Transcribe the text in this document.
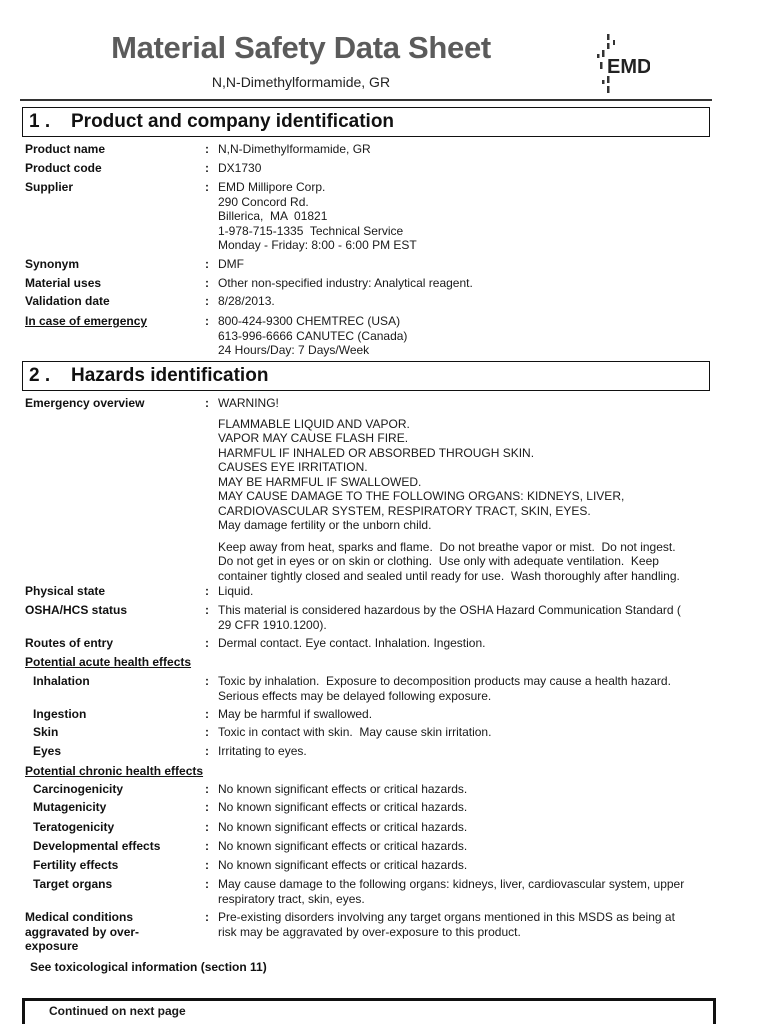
Material Safety Data Sheet
N,N-Dimethylformamide, GR
EMD
1 . Product and company identification
Product name	: N,N-Dimethylformamide, GR
Product code	: DX1730
Supplier	: EMD Millipore Corp.
290 Concord Rd.
Billerica,  MA  01821
1-978-715-1335  Technical Service
Monday - Friday: 8:00 - 6:00 PM EST
Synonym	: DMF
Material uses	: Other non-specified industry: Analytical reagent.
Validation date	: 8/28/2013.
In case of emergency	: 800-424-9300 CHEMTREC (USA)
613-996-6666 CANUTEC (Canada)
24 Hours/Day: 7 Days/Week
2 . Hazards identification
Emergency overview	: WARNING!
FLAMMABLE LIQUID AND VAPOR.
VAPOR MAY CAUSE FLASH FIRE.
HARMFUL IF INHALED OR ABSORBED THROUGH SKIN.
CAUSES EYE IRRITATION.
MAY BE HARMFUL IF SWALLOWED.
MAY CAUSE DAMAGE TO THE FOLLOWING ORGANS: KIDNEYS, LIVER,
CARDIOVASCULAR SYSTEM, RESPIRATORY TRACT, SKIN, EYES.
May damage fertility or the unborn child.
Keep away from heat, sparks and flame.  Do not breathe vapor or mist.  Do not ingest.
Do not get in eyes or on skin or clothing.  Use only with adequate ventilation.  Keep
container tightly closed and sealed until ready for use.  Wash thoroughly after handling.
Physical state	: Liquid.
OSHA/HCS status	: This material is considered hazardous by the OSHA Hazard Communication Standard (
29 CFR 1910.1200).
Routes of entry	: Dermal contact. Eye contact. Inhalation. Ingestion.
Potential acute health effects
Inhalation	: Toxic by inhalation.  Exposure to decomposition products may cause a health hazard.
Serious effects may be delayed following exposure.
Ingestion	: May be harmful if swallowed.
Skin	: Toxic in contact with skin.  May cause skin irritation.
Eyes	: Irritating to eyes.
Potential chronic health effects
Carcinogenicity	: No known significant effects or critical hazards.
Mutagenicity	: No known significant effects or critical hazards.
Teratogenicity	: No known significant effects or critical hazards.
Developmental effects	: No known significant effects or critical hazards.
Fertility effects	: No known significant effects or critical hazards.
Target organs	: May cause damage to the following organs: kidneys, liver, cardiovascular system, upper
respiratory tract, skin, eyes.
Medical conditions
aggravated by over-
exposure
: Pre-existing disorders involving any target organs mentioned in this MSDS as being at
risk may be aggravated by over-exposure to this product.
See toxicological information (section 11)
Continued on next page
